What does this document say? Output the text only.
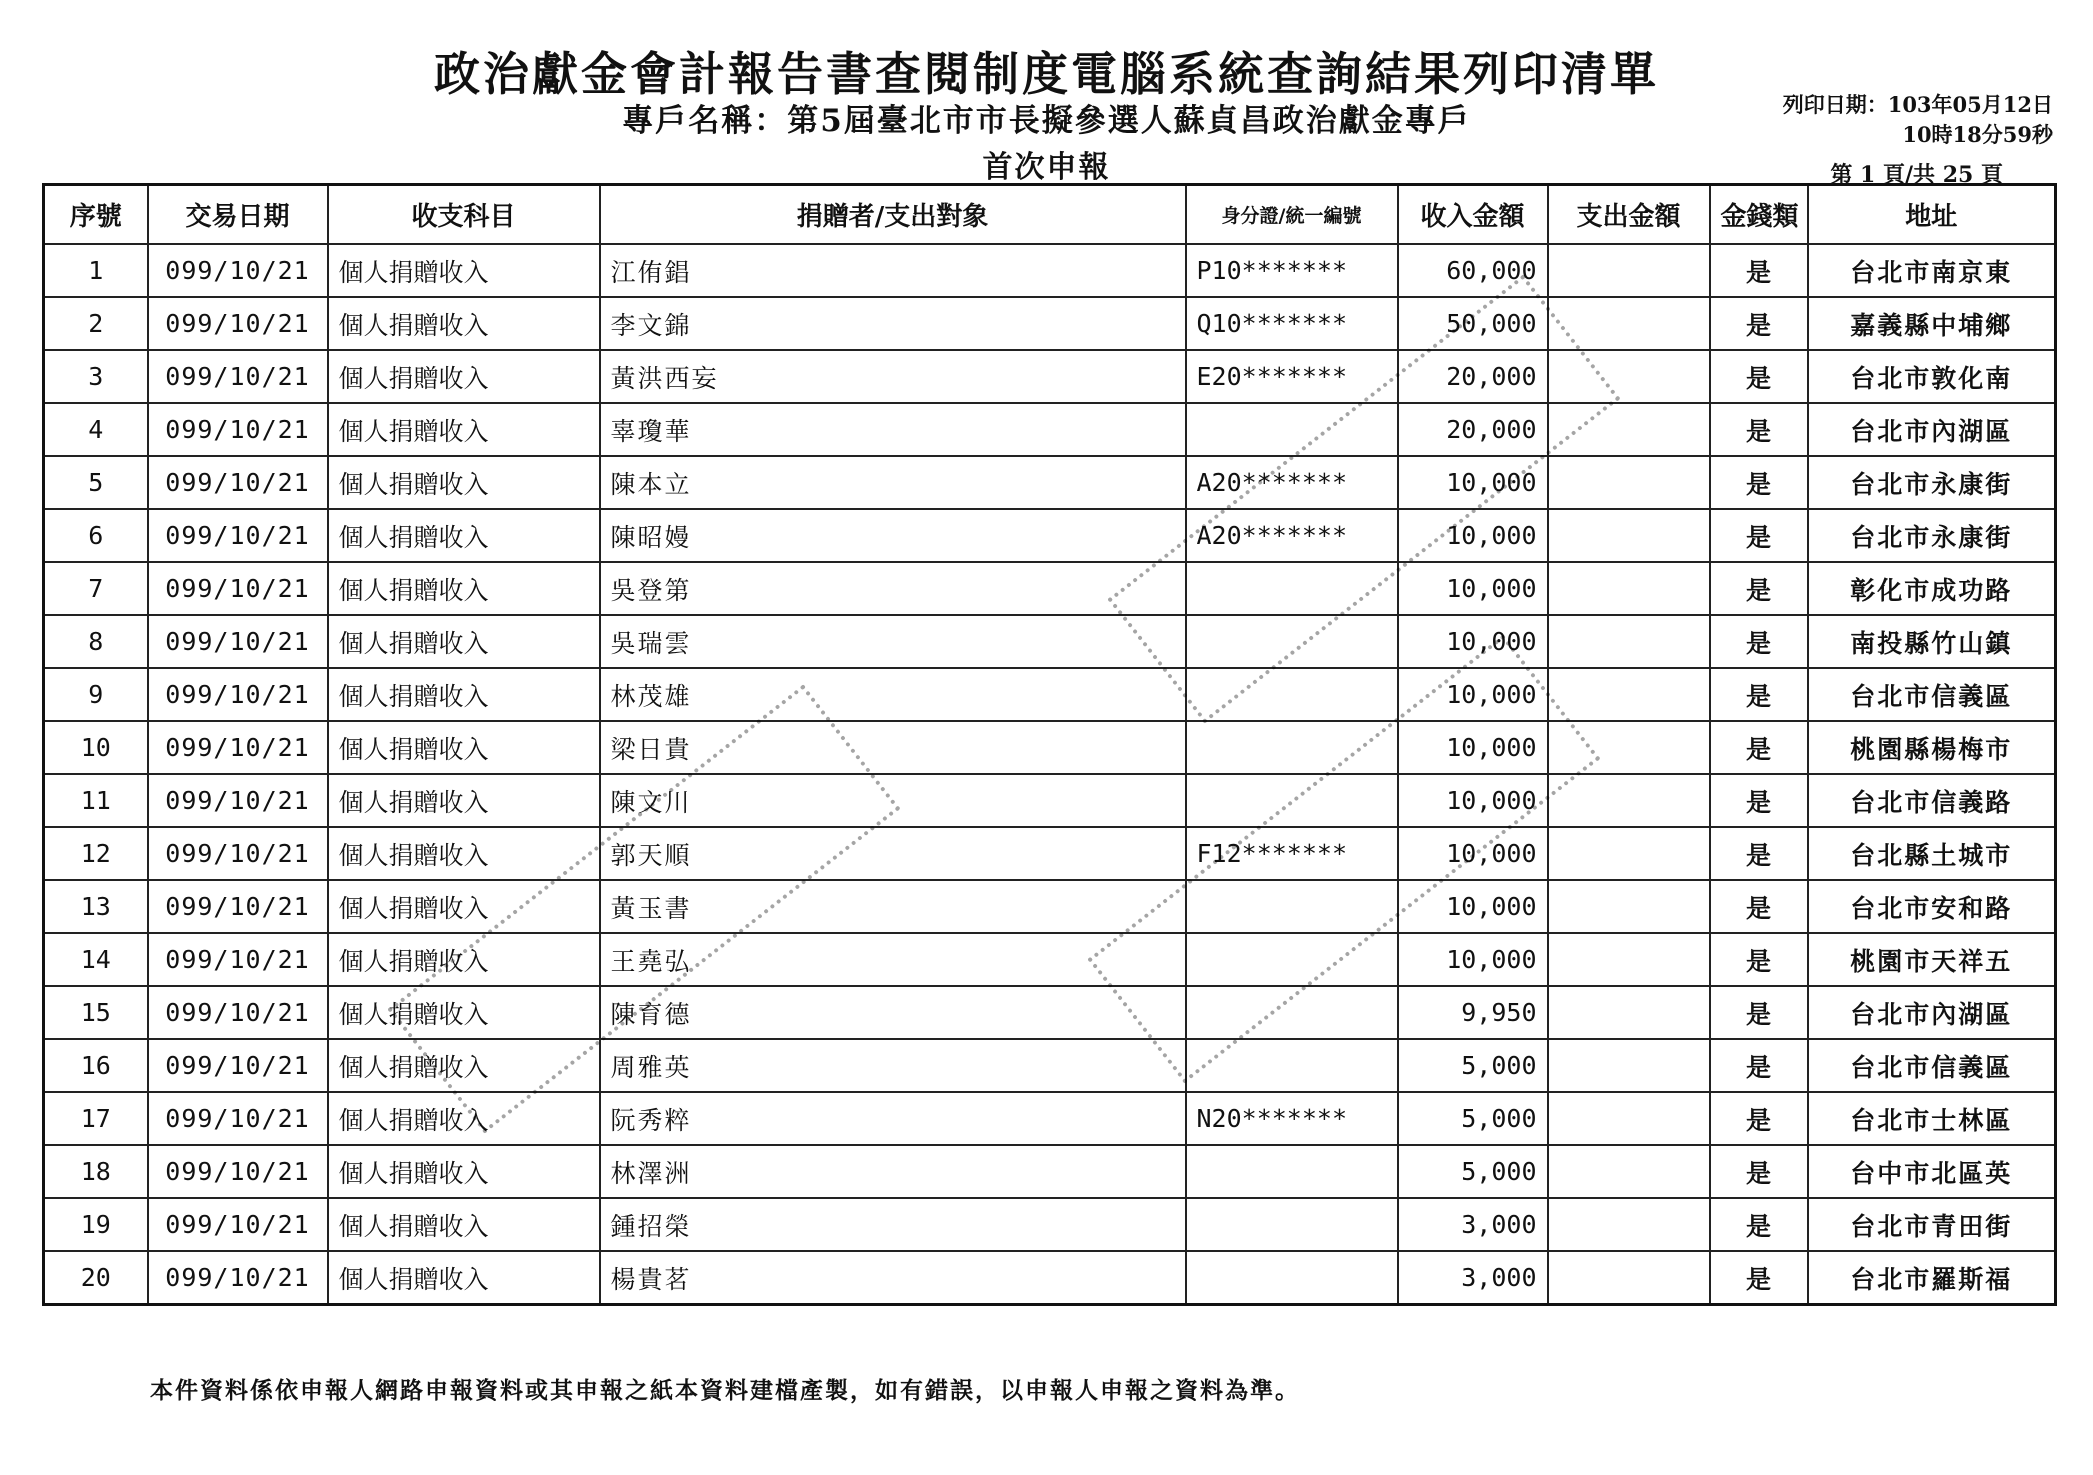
政治獻金會計報告書查閱制度電腦系統查詢結果列印清單
專戶名稱：第5屆臺北市市長擬參選人蘇貞昌政治獻金專戶
首次申報
列印日期：103年05月12日
10時18分59秒
第 1 頁/共 25 頁
序號	交易日期	收支科目	捐贈者/支出對象	身分證/統一編號	收入金額	支出金額	金錢類	地址
1	099/10/21	個人捐贈收入	江侑錩	P10*******	60,000		是	台北市南京東
2	099/10/21	個人捐贈收入	李文錦	Q10*******	50,000		是	嘉義縣中埔鄉
3	099/10/21	個人捐贈收入	黃洪西妄	E20*******	20,000		是	台北市敦化南
4	099/10/21	個人捐贈收入	辜瓊華		20,000		是	台北市內湖區
5	099/10/21	個人捐贈收入	陳本立	A20*******	10,000		是	台北市永康街
6	099/10/21	個人捐贈收入	陳昭嫚	A20*******	10,000		是	台北市永康街
7	099/10/21	個人捐贈收入	吳登第		10,000		是	彰化市成功路
8	099/10/21	個人捐贈收入	吳瑞雲		10,000		是	南投縣竹山鎮
9	099/10/21	個人捐贈收入	林茂雄		10,000		是	台北市信義區
10	099/10/21	個人捐贈收入	梁日貴		10,000		是	桃園縣楊梅市
11	099/10/21	個人捐贈收入	陳文川		10,000		是	台北市信義路
12	099/10/21	個人捐贈收入	郭天順	F12*******	10,000		是	台北縣土城市
13	099/10/21	個人捐贈收入	黃玉書		10,000		是	台北市安和路
14	099/10/21	個人捐贈收入	王堯弘		10,000		是	桃園市天祥五
15	099/10/21	個人捐贈收入	陳育德		9,950		是	台北市內湖區
16	099/10/21	個人捐贈收入	周雅英		5,000		是	台北市信義區
17	099/10/21	個人捐贈收入	阮秀粹	N20*******	5,000		是	台北市士林區
18	099/10/21	個人捐贈收入	林澤洲		5,000		是	台中市北區英
19	099/10/21	個人捐贈收入	鍾招榮		3,000		是	台北市青田街
20	099/10/21	個人捐贈收入	楊貴茗		3,000		是	台北市羅斯福
本件資料係依申報人網路申報資料或其申報之紙本資料建檔產製，如有錯誤，以申報人申報之資料為準。
